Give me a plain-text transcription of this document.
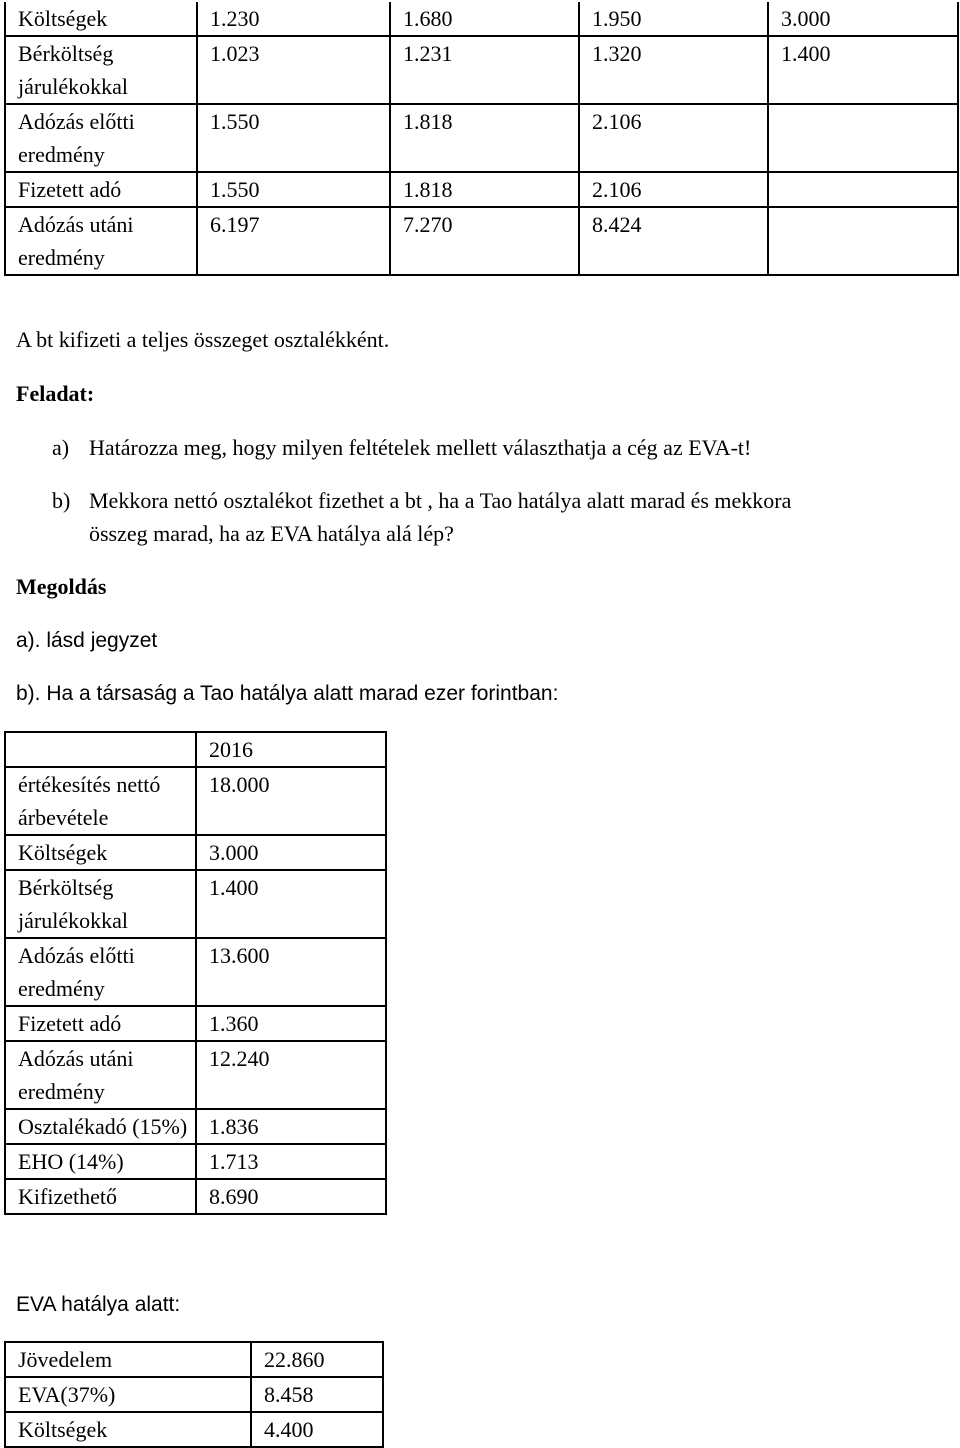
Költségek	1.230	1.680	1.950	3.000
Bérköltség járulékokkal	1.023	1.231	1.320	1.400
Adózás előtti eredmény	1.550	1.818	2.106	
Fizetett adó	1.550	1.818	2.106	
Adózás utáni eredmény	6.197	7.270	8.424	
A bt kifizeti a teljes összeget osztalékként.
Feladat:
a) Határozza meg, hogy milyen feltételek mellett választhatja a cég az EVA-t!
b) Mekkora nettó osztalékot fizethet a bt , ha a Tao hatálya alatt marad és mekkora
összeg marad, ha az EVA hatálya alá lép?
Megoldás
a). lásd jegyzet
b). Ha a társaság a Tao hatálya alatt marad ezer forintban:
	2016
értékesítés nettó árbevétele	18.000
Költségek	3.000
Bérköltség járulékokkal	1.400
Adózás előtti eredmény	13.600
Fizetett adó	1.360
Adózás utáni eredmény	12.240
Osztalékadó (15%)	1.836
EHO (14%)	1.713
Kifizethető	8.690
EVA hatálya alatt:
Jövedelem	22.860
EVA(37%)	8.458
Költségek	4.400
